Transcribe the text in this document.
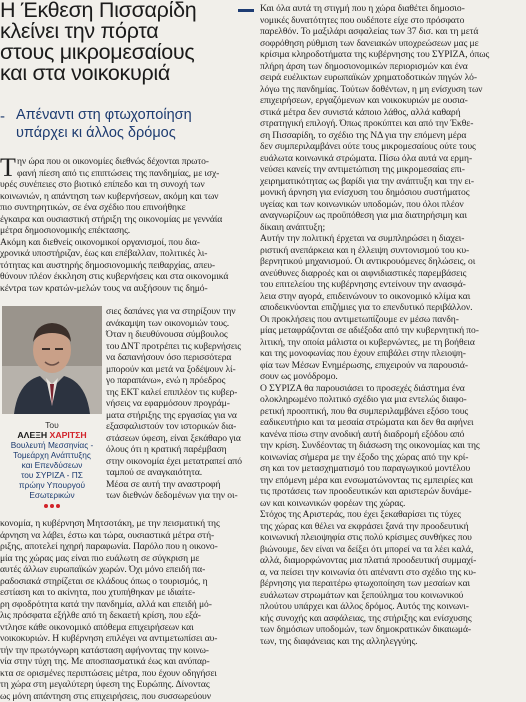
Η Έκθεση Πισσαρίδη
κλείνει την πόρτα
στους μικρομεσαίους
και στα νοικοκυριά
- Απέναντι στη φτωχοποίηση
υπάρχει κι άλλος δρόμος
Τ ην ώρα που οι οικονομίες διεθνώς δέχονται πρωτο-
φανή πίεση από τις επιπτώσεις της πανδημίας, με ισχ-
υρές συνέπειες στο βιοτικό επίπεδο και τη συνοχή των
κοινωνιών, η απάντηση των κυβερνήσεων, ακόμη και των
πιο συντηρητικών, σε ένα σχέδιο που επινοήθηκε
έγκαιρα και ουσιαστική στήριξη της οικονομίας με γεννάία
μέτρα δημοσιονομικής επέκτασης.
Ακόμη και διεθνείς οικονομικοί οργανισμοί, που δια-
χρονικά υποστήριζαν, έως και επέβαλλαν, πολιτικές λι-
τότητας και αυστηρής δημοσιονομικής πειθαρχίας, απευ-
θύνουν πλέον έκκληση στις κυβερνήσεις και στα οικονομικά
κέντρα των κρατών-μελών τους να αυξήσουν τις δημό-
σιες δαπάνες για να στηρίξουν την
ανάκαμψη των οικονομιών τους.
Όταν η διευθύνουσα σύμβουλος
του ΔΝΤ προτρέπει τις κυβερνήσεις
να δαπανήσουν όσο περισσότερα
μπορούν και μετά να ξοδέψουν λί-
γο παραπάνω», ενώ η πρόεδρος
της ΕΚΤ καλεί επιπλέον τις κυβερ-
νήσεις να εφαρμόσουν προγράμ-
ματα στήριξης της εργασίας για να
εξασφαλιστούν τον ιστορικών δια-
στάσεων ύφεση, είναι ξεκάθαρο για
όλους ότι η κρατική παρέμβαση
στην οικονομία έχει μετατραπεί από
ταμπού σε αναγκαιότητα.
Μέσα σε αυτή την αναστροφή
των διεθνών δεδομένων για την οι-
Του
ΑΛΕΞΗ ΧΑΡΙΤΣΗ
Βουλευτή Μεσσηνίας -
Τομεάρχη Ανάπτυξης
και Επενδύσεων
του ΣΥΡΙΖΑ - ΠΣ
πρώην Υπουργού
Εσωτερικών
κονομία, η κυβέρνηση Μητσοτάκη, με την πεισματική της
άρνηση να λάβει, έστω και τώρα, ουσιαστικά μέτρα στή-
ριξης, αποτελεί ηχηρή παραφωνία. Παρόλο που η οικονο-
μία της χώρας μας είναι πιο ευάλωτη σε σύγκριση με
αυτές άλλων ευρωπαϊκών χωρών. Όχι μόνο επειδή πα-
ραδοσιακά στηρίζεται σε κλάδους όπως ο τουρισμός, η
εστίαση και το ακίνητα, που χτυπήθηκαν με ιδιαίτε-
ρη σφοδρότητα κατά την πανδημία, αλλά και επειδή μό-
λις πρόσφατα εξήλθε από τη δεκαετή κρίση, που εξά-
ντλησε κάθε οικονομικό απόθεμα επιχειρήσεων και
νοικοκυριών. Η κυβέρνηση επιλέγει να αντιμετωπίσει αυ-
τήν την πρωτόγνωρη κατάσταση αφήνοντας την κοινω-
νία στην τύχη της. Με αποσπασματικά έως και ανύπαρ-
κτα σε ορισμένες περιπτώσεις μέτρα, που έχουν οδηγήσει
τη χώρα στη μεγαλύτερη ύφεση της Ευρώπης. Δίνοντας
ως μόνη απάντηση στις επιχειρήσεις, που συσσωρεύουν
Και όλα αυτά τη στιγμή που η χώρα διαθέτει δημοσιο-
νομικές δυνατότητες που ουδέποτε είχε στο πρόσφατο
παρελθόν. Το μαξιλάρι ασφαλείας των 37 δισ. και τη μετά
σοφρόθηση ρύθμιση των δανειακών υποχρεώσεων μας με
κρίσιμα κληροδοτήματα της κυβέρνησης του ΣΥΡΙΖΑ, όπως
πλήρη άρση των δημοσιονομικών περιορισμών και ένα
σειρά ευέλικτων ευρωπαϊκών χρηματοδοτικών πηγών λό-
λόγω της πανδημίας. Τούτων δοθέντων, η μη ενίσχυση των
επιχειρήσεων, εργαζόμενων και νοικοκυριών με ουσια-
στικά μέτρα δεν συνιστά κάποιο λάθος, αλλά καθαρή
στρατηγική επιλογή. Όπως προκύπτει και από την Έκθε-
ση Πισσαρίδη, το σχέδιο της ΝΔ για την επόμενη μέρα
δεν συμπεριλαμβάνει ούτε τους μικρομεσαίους ούτε τους
ευάλωτα κοινωνικά στρώματα. Πίσω όλα αυτά να ερμη-
νεύσει κανείς την αντιμετώπιση της μικρομεσαίας επι-
χειρηματικότητας ως βαρίδι για την ανάπτυξη και την ει-
μονική άρνηση για ενίσχυση του δημόσιου συστήματος
υγείας και των κοινωνικών υποδομών, που όλοι πλέον
αναγνωρίζουν ως προϋπόθεση για μια διατηρήσιμη και
δίκαιη ανάπτυξη;
Αυτήν την πολιτική έρχεται να συμπληρώσει η διαχει-
ριστική ανεπάρκεια και η έλλειψη συντονισμού του κυ-
βερνητικού μηχανισμού. Οι αντικρουόμενες δηλώσεις, οι
ανεύθυνες διαρροές και οι αιφνιδιαστικές παρεμβάσεις
του επιτελείου της κυβέρνησης εντείνουν την ανασφά-
λεια στην αγορά, επιδεινώνουν το οικονομικό κλίμα και
αποδεικνύονται επιζήμιες για το επενδυτικό περιβάλλον.
Οι προκλήσεις που αντιμετωπίζουμε εν μέσω πανδη-
μίας μεταφράζονται σε αδιέξοδα από την κυβερνητική πο-
λιτική, την οποία μάλιστα οι κυβερνώντες, με τη βοήθεια
και της μονοφωνίας που έχουν επιβάλει στην πλειοψη-
φία των Μέσων Ενημέρωσης, επιχειρούν να παρουσιά-
σουν ως μονόδρομο.
Ο ΣΥΡΙΖΑ θα παρουσιάσει το προσεχές διάστημα ένα
ολοκληρωμένο πολιτικό σχέδιο για μια εντελώς διαφο-
ρετική προοπτική, που θα συμπεριλαμβάνει εξόσο τους
εαδικευτήριο και τα μεσαία στρώματα και δεν θα αφήνει
κανένα πίσω στην ανοδική αυτή διαδρομή εξόδου από
την κρίση. Συνδέοντας τη διάσωση της οικονομίας και της
κοινωνίας σήμερα με την έξοδο της χώρας από την κρί-
ση και τον μετασχηματισμό του παραγωγικού μοντέλου
την επόμενη μέρα και ενσωματώνοντας τις εμπειρίες και
τις προτάσεις των προοδευτικών και αριστερών δυνάμε-
ων και κοινωνικών φορέων της χώρας.
Στόχος της Αριστεράς, που έχει ξεκαθαρίσει τις τύχες
της χώρας και θέλει να εκφράσει ξανά την προοδευτική
κοινωνική πλειοψηφία στις πολύ κρίσιμες συνθήκες που
βιώνουμε, δεν είναι να δείξει ότι μπορεί να τα λέει καλά,
αλλά, διαμορφώνοντας μια πλατιά προοδευτική συμμαχί-
α, να πείσει την κοινωνία ότι απέναντι στο σχέδιο της κυ-
βέρνησης για περαιτέρω φτωχοποίηση των μεσαίων και
ευάλωτων στρωμάτων και ξεπούλημα του κοινωνικού
πλούτου υπάρχει και άλλος δρόμος. Αυτός της κοινωνι-
κής συνοχής και ασφάλειας, της στήριξης και ενίσχυσης
των δημόσιων υποδομών, των δημοκρατικών δικαιωμά-
των, της διαφάνειας και της αλληλεγγύης.
